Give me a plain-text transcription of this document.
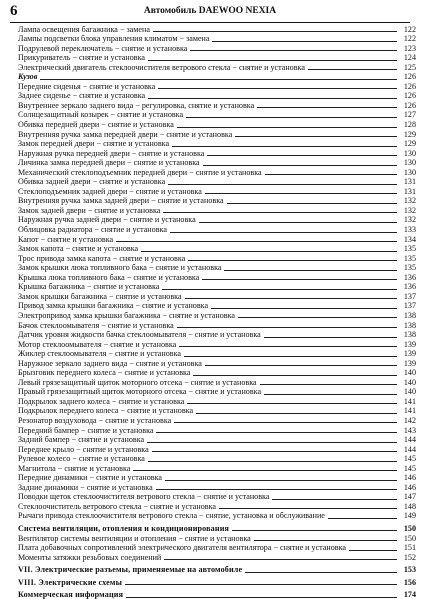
6	Автомобиль DAEWOO NEXIA
Лампа освещения багажника − замена	122
Лампы подсветки блока управления климатом − замена	122
Подрулевой переключатель − снятие и установка	123
Прикуриватель − снятие и установка	124
Электрический двигатель стеклоочистителя ветрового стекла − снятие и установка	125
Кузов	126
Передние сиденья − снятие и установка	126
Заднее сиденье − снятие и установка	126
Внутреннее зеркало заднего вида − регулировка, снятие и установка	126
Солнцезащитный козырек − снятие и установка	127
Обивка передней двери − снятие и установка	128
Внутренняя ручка замка передней двери − снятие и установка	129
Замок передней двери − снятие и установка	129
Наружная ручка передней двери − снятие и установка	130
Личинка замка передней двери − снятие и установка	130
Механический стеклоподъемник передней двери − снятие и установка	130
Обивка задней двери − снятие и установка	131
Стеклоподъемник задней двери − снятие и установка	131
Внутренняя ручка замка задней двери − снятие и установка	132
Замок задней двери − снятие и установка	132
Наружная ручка задней двери − снятие и установка	132
Облицовка радиатора − снятие и установка	133
Капот − снятие и установка	134
Замок капота − снятие и установка	135
Трос привода замка капота − снятие и установка	135
Замок крышки люка топливного бака − снятие и установка	135
Крышка люка топливного бака − снятие и установка	136
Крышка багажника − снятие и установка	136
Замок крышки багажника − снятие и установка	137
Привод замка крышки багажника − снятие и установка	137
Электропривод замка крышки багажника − снятие и установка	138
Бачок стеклоомывателя − снятие и установка	138
Датчик уровня жидкости бачка стеклоомывателя − снятие и установка	138
Мотор стеклоомывателя − снятие и установка	139
Жиклер стеклоомывателя − снятие и установка	139
Наружное зеркало заднего вида − снятие и установка	139
Брызговик переднего колеса − снятие и установка	140
Левый грязезащитный щиток моторного отсека − снятие и установка	140
Правый грязезащитный щиток моторного отсека − снятие и установка	140
Подкрылок заднего колеса − снятие и установка	141
Подкрылок переднего колеса − снятие и установка	141
Резонатор воздуховода − снятие и установка	142
Передний бампер − снятие и установка	143
Задний бампер − снятие и установка	144
Переднее крыло − снятие и установка	144
Рулевое колесо − снятие и установка	145
Магнитола − снятие и установка	145
Передние динамики − снятие и установка	146
Задние динамики − снятие и установка	146
Поводки щеток стеклоочистителя ветрового стекла − снятие и установка	147
Стеклоочиститель ветрового стекла − снятие и установка	148
Рычаги привода стеклоочистителя ветрового стекла − снятие, установка и обслуживание	149
Система вентиляции, отопления и кондиционирования	150
Вентилятор системы вентиляции и отопления − снятие и установка	150
Плата добавочных сопротивлений электрического двигателя вентилятора − снятие и установка	151
Моменты затяжки резьбовых соединений	152
VII. Электрические разъемы, применяемые на автомобиле	153
VIII. Электрические схемы	156
Коммерческая информация	174
